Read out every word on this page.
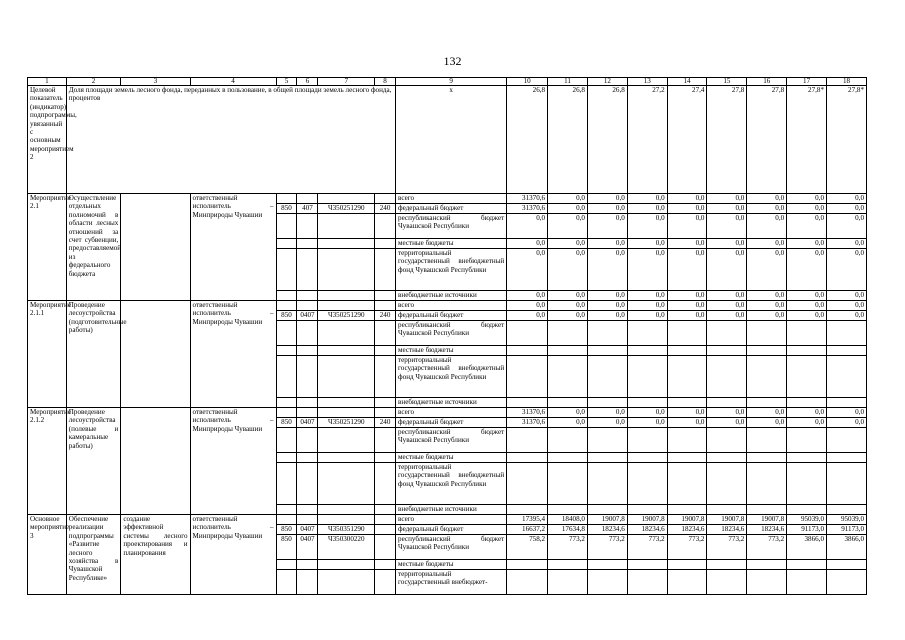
132
1	2	3	4	5	6	7	8	9	10	11	12	13	14	15	16	17	18
Целевой показатель (индикатор) подпрограммы, увязанный с основным мероприятием 2	Доля площади земель лесного фонда, переданных в пользование, в общей площади земель лесного фонда, процентов							x	26,8	26,8	26,8	27,2	27,4	27,8	27,8	27,8*	27,8*
Мероприятие 2.1	Осуществление отдельных полномочий в области лесных отношений за счет субвенции, предоставляемой из федерального бюджета		ответственный исполнитель – Минприроды Чувашии					всего	31370,6	0,0	0,0	0,0	0,0	0,0	0,0	0,0	0,0
				850	407	Ч350251290	240	федеральный бюджет	31370,6	0,0	0,0	0,0	0,0	0,0	0,0	0,0	0,0
								республиканский бюджет Чувашской Республики	0,0	0,0	0,0	0,0	0,0	0,0	0,0	0,0	0,0
								местные бюджеты	0,0	0,0	0,0	0,0	0,0	0,0	0,0	0,0	0,0
								территориальный государственный внебюджетный фонд Чувашской Республики	0,0	0,0	0,0	0,0	0,0	0,0	0,0	0,0	0,0
								внебюджетные источники	0,0	0,0	0,0	0,0	0,0	0,0	0,0	0,0	0,0
Мероприятие 2.1.1	Проведение лесоустройства (подготовительные работы)		ответственный исполнитель – Минприроды Чувашии					всего	0,0	0,0	0,0	0,0	0,0	0,0	0,0	0,0	0,0
				850	0407	Ч350251290	240	федеральный бюджет	0,0	0,0	0,0	0,0	0,0	0,0	0,0	0,0	0,0
								республиканский бюджет Чувашской Республики									
								местные бюджеты									
								территориальный государственный внебюджетный фонд Чувашской Республики									
								внебюджетные источники									
Мероприятие 2.1.2	Проведение лесоустройства (полевые и камеральные работы)		ответственный исполнитель – Минприроды Чувашии					всего	31370,6	0,0	0,0	0,0	0,0	0,0	0,0	0,0	0,0
				850	0407	Ч350251290	240	федеральный бюджет	31370,6	0,0	0,0	0,0	0,0	0,0	0,0	0,0	0,0
								республиканский бюджет Чувашской Республики									
								местные бюджеты									
								территориальный государственный внебюджетный фонд Чувашской Республики									
								внебюджетные источники									
Основное мероприятие 3	Обеспечение реализации подпрограммы «Развитие лесного хозяйства в Чувашской Республике»	создание эффективной системы лесного проектирования и планирования	ответственный исполнитель – Минприроды Чувашии					всего	17395,4	18408,0	19007,8	19007,8	19007,8	19007,8	19007,8	95039,0	95039,0
				850	0407	Ч350351290		федеральный бюджет	16637,2	17634,8	18234,6	18234,6	18234,6	18234,6	18234,6	91173,0	91173,0
				850	0407	Ч350300220		республиканский бюджет Чувашской Республики	758,2	773,2	773,2	773,2	773,2	773,2	773,2	3866,0	3866,0
								местные бюджеты									
								территориальный государственный внебюджет-									
